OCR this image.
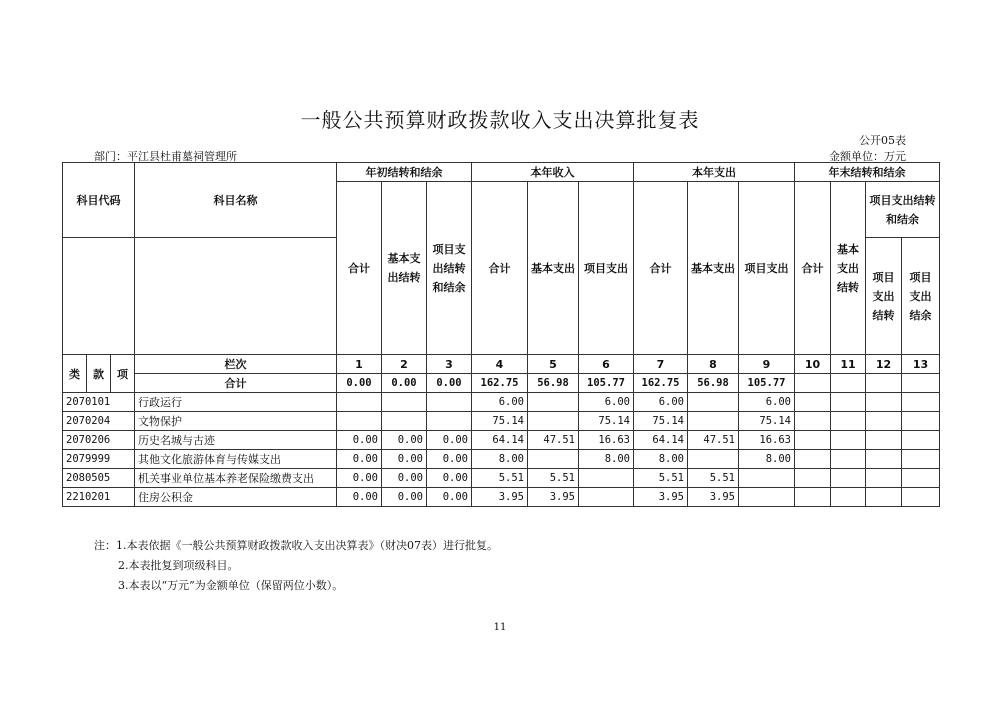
一般公共预算财政拨款收入支出决算批复表
公开05表
部门：平江县杜甫墓祠管理所	金额单位：万元
科目代码			科目名称	年初结转和结余			本年收入			本年支出			年末结转和结余			
				合计	基本支出结转	项目支出结转和结余	合计	基本支出	项目支出	合计	基本支出	项目支出	合计	基本支出结转	项目支出结转和结余	
															项目支出结转	项目支出结余
类	款	项	栏次	1	2	3	4	5	6	7	8	9	10	11	12	13
			合计	0.00	0.00	0.00	162.75	56.98	105.77	162.75	56.98	105.77				
2070101			行政运行				6.00		6.00	6.00		6.00				
2070204			文物保护				75.14		75.14	75.14		75.14				
2070206			历史名城与古迹	0.00	0.00	0.00	64.14	47.51	16.63	64.14	47.51	16.63				
2079999			其他文化旅游体育与传媒支出	0.00	0.00	0.00	8.00		8.00	8.00		8.00				
2080505			机关事业单位基本养老保险缴费支出	0.00	0.00	0.00	5.51	5.51		5.51	5.51					
2210201			住房公积金	0.00	0.00	0.00	3.95	3.95		3.95	3.95					
注：1.本表依据《一般公共预算财政拨款收入支出决算表》（财决07表）进行批复。
2.本表批复到项级科目。
3.本表以“万元”为金额单位（保留两位小数）。
11
